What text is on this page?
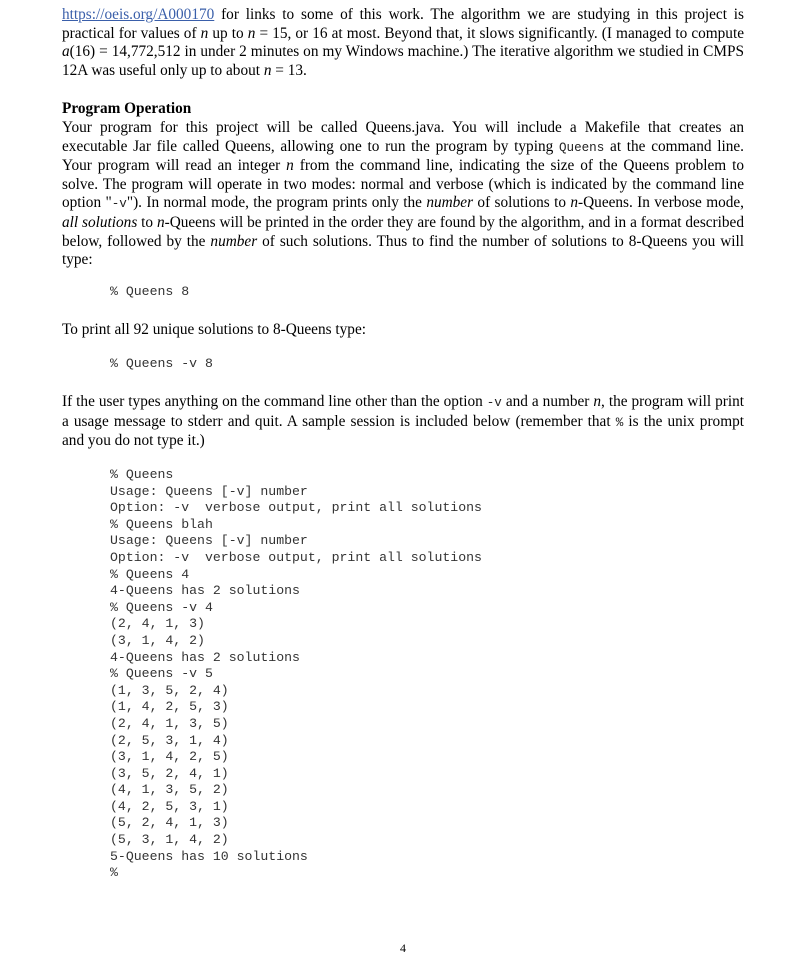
https://oeis.org/A000170 for links to some of this work. The algorithm we are studying in this project is practical for values of n up to n = 15, or 16 at most. Beyond that, it slows significantly. (I managed to compute a(16) = 14,772,512 in under 2 minutes on my Windows machine.) The iterative algorithm we studied in CMPS 12A was useful only up to about n = 13.

Program Operation

Your program for this project will be called Queens.java. You will include a Makefile that creates an executable Jar file called Queens, allowing one to run the program by typing Queens at the command line. Your program will read an integer n from the command line, indicating the size of the Queens problem to solve. The program will operate in two modes: normal and verbose (which is indicated by the command line option "-v"). In normal mode, the program prints only the number of solutions to n-Queens. In verbose mode, all solutions to n-Queens will be printed in the order they are found by the algorithm, and in a format described below, followed by the number of such solutions. Thus to find the number of solutions to 8-Queens you will type:

To print all 92 unique solutions to 8-Queens type:

If the user types anything on the command line other than the option -v and a number n, the program will print a usage message to stderr and quit. A sample session is included below (remember that % is the unix prompt and you do not type it.)

% Queens 8
% Queens -v 8
% Queens
Usage: Queens [-v] number
Option: -v  verbose output, print all solutions
% Queens blah
Usage: Queens [-v] number
Option: -v  verbose output, print all solutions
% Queens 4
4-Queens has 2 solutions
% Queens -v 4
(2, 4, 1, 3)
(3, 1, 4, 2)
4-Queens has 2 solutions
% Queens -v 5
(1, 3, 5, 2, 4)
(1, 4, 2, 5, 3)
(2, 4, 1, 3, 5)
(2, 5, 3, 1, 4)
(3, 1, 4, 2, 5)
(3, 5, 2, 4, 1)
(4, 1, 3, 5, 2)
(4, 2, 5, 3, 1)
(5, 2, 4, 1, 3)
(5, 3, 1, 4, 2)
5-Queens has 10 solutions
%
4
